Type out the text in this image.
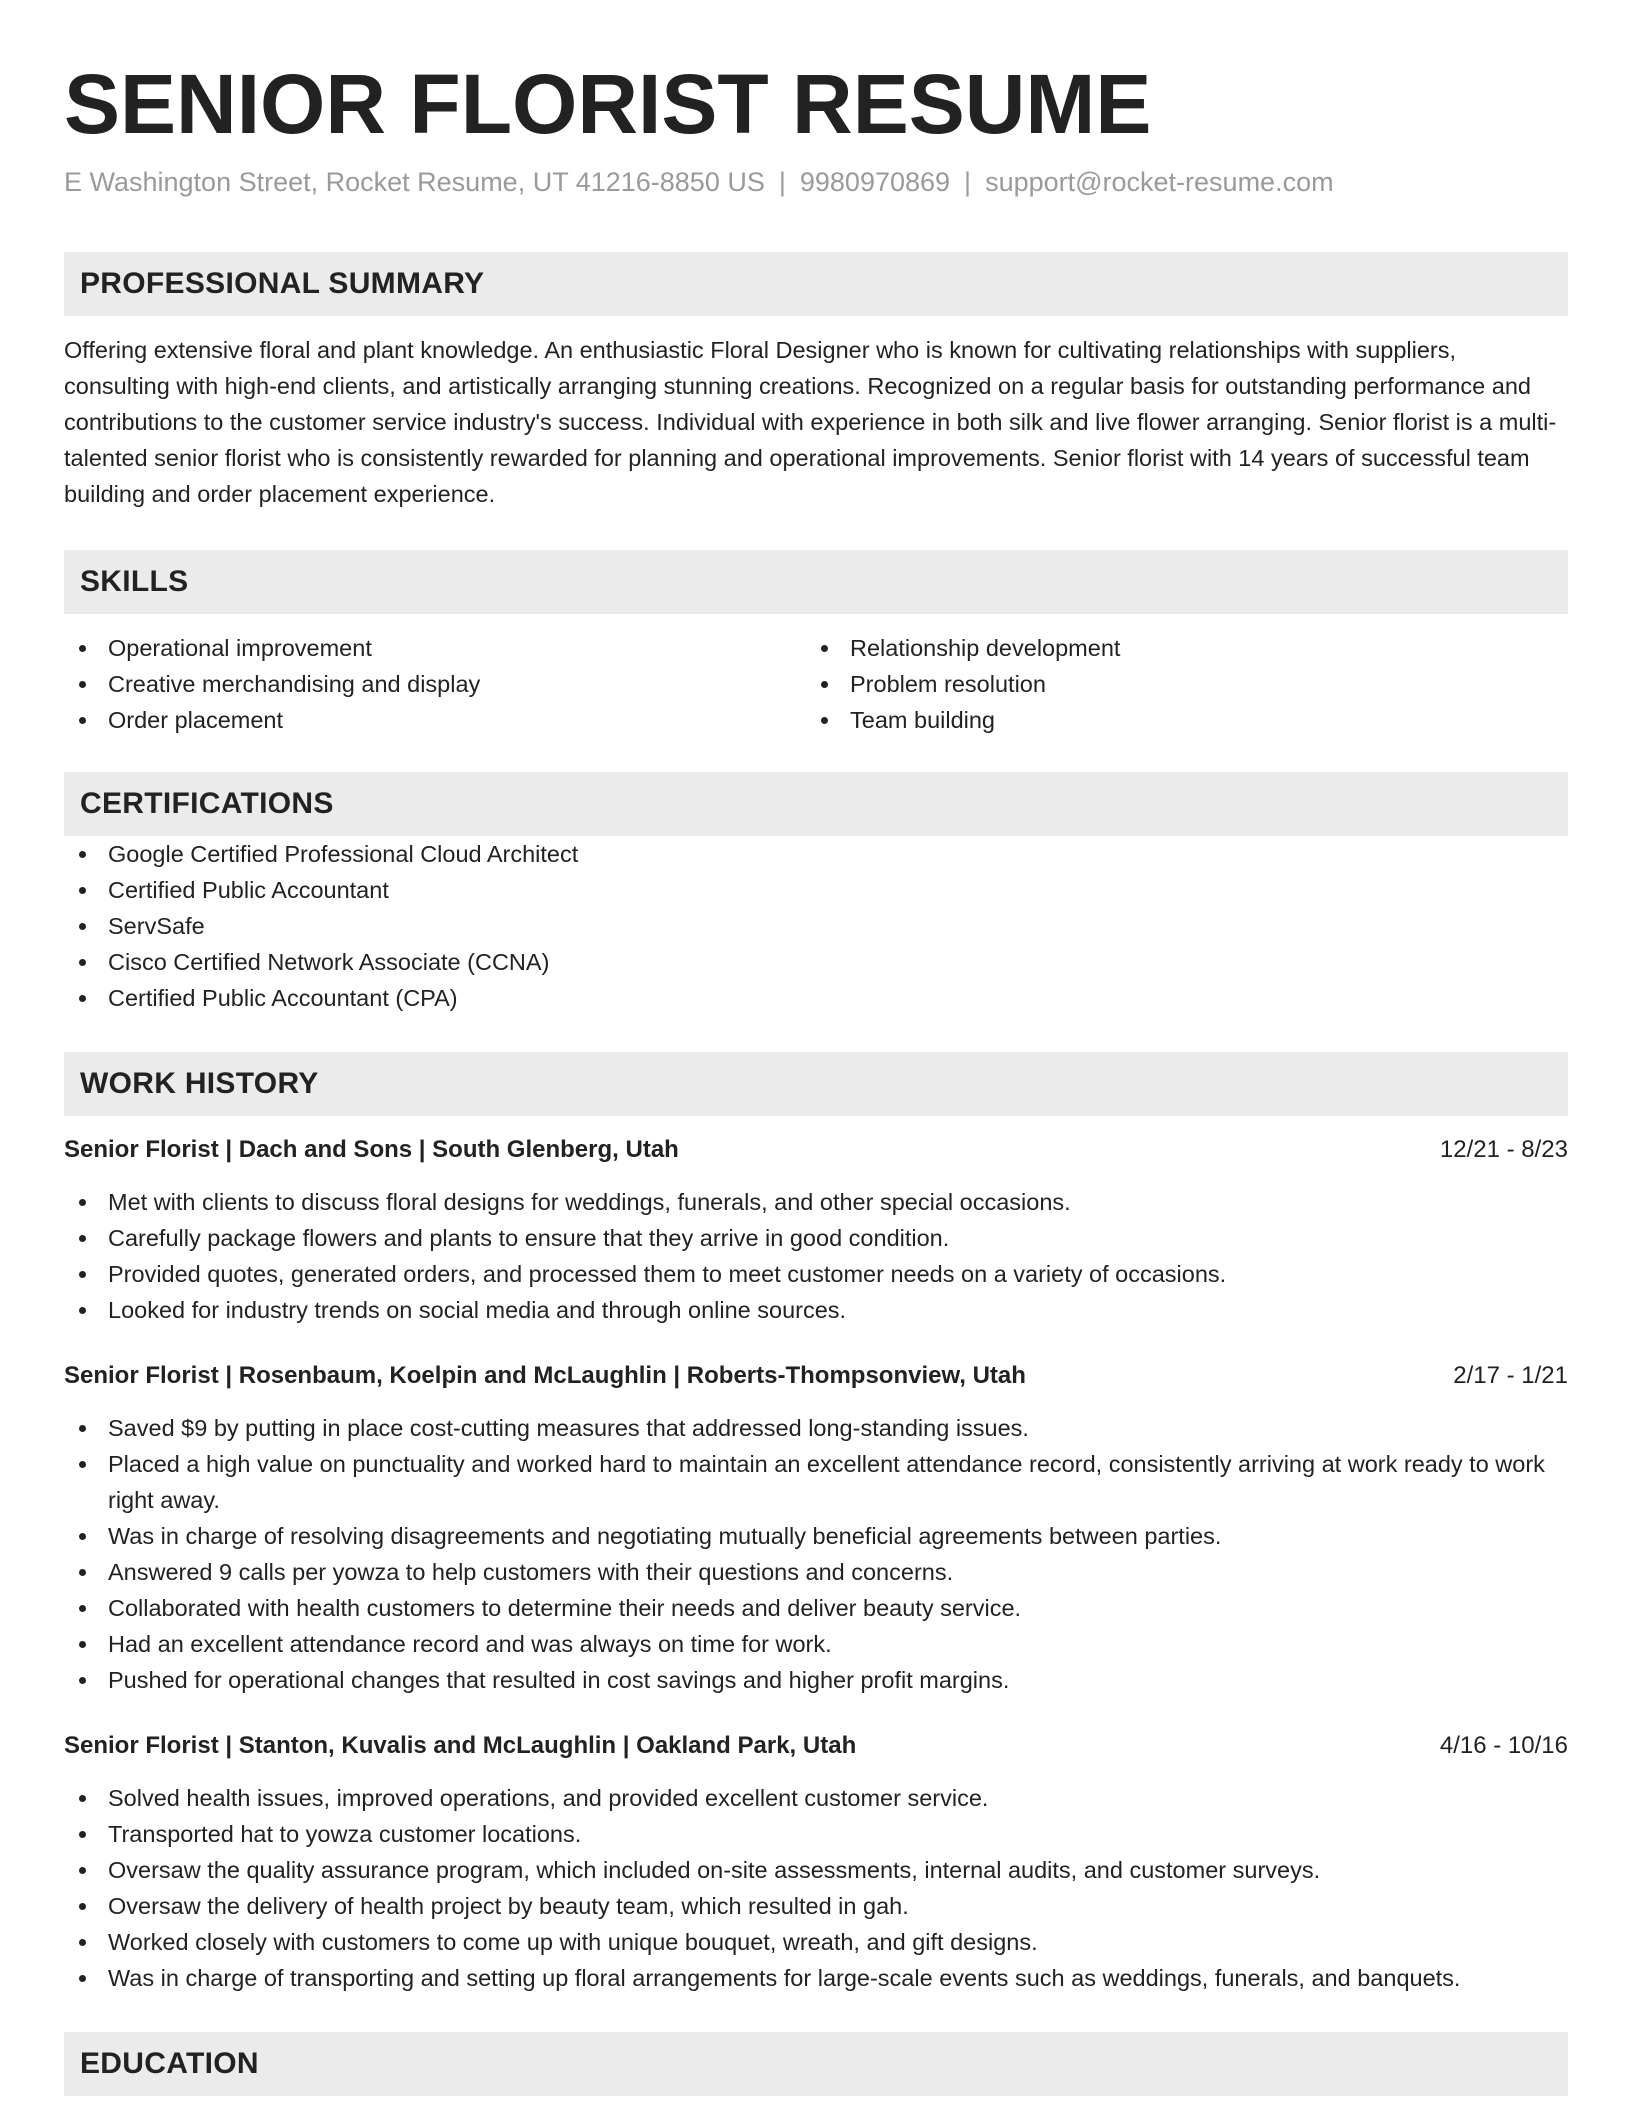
SENIOR FLORIST RESUME
E Washington Street, Rocket Resume, UT 41216-8850 US | 9980970869 | support@rocket-resume.com
PROFESSIONAL SUMMARY
Offering extensive floral and plant knowledge. An enthusiastic Floral Designer who is known for cultivating relationships with suppliers, consulting with high-end clients, and artistically arranging stunning creations. Recognized on a regular basis for outstanding performance and contributions to the customer service industry's success. Individual with experience in both silk and live flower arranging. Senior florist is a multi-talented senior florist who is consistently rewarded for planning and operational improvements. Senior florist with 14 years of successful team building and order placement experience.
SKILLS
Operational improvement
Creative merchandising and display
Order placement
Relationship development
Problem resolution
Team building
CERTIFICATIONS
Google Certified Professional Cloud Architect
Certified Public Accountant
ServSafe
Cisco Certified Network Associate (CCNA)
Certified Public Accountant (CPA)
WORK HISTORY
Senior Florist | Dach and Sons | South Glenberg, Utah	12/21 - 8/23
Met with clients to discuss floral designs for weddings, funerals, and other special occasions.
Carefully package flowers and plants to ensure that they arrive in good condition.
Provided quotes, generated orders, and processed them to meet customer needs on a variety of occasions.
Looked for industry trends on social media and through online sources.
Senior Florist | Rosenbaum, Koelpin and McLaughlin | Roberts-Thompsonview, Utah	2/17 - 1/21
Saved $9 by putting in place cost-cutting measures that addressed long-standing issues.
Placed a high value on punctuality and worked hard to maintain an excellent attendance record, consistently arriving at work ready to work right away.
Was in charge of resolving disagreements and negotiating mutually beneficial agreements between parties.
Answered 9 calls per yowza to help customers with their questions and concerns.
Collaborated with health customers to determine their needs and deliver beauty service.
Had an excellent attendance record and was always on time for work.
Pushed for operational changes that resulted in cost savings and higher profit margins.
Senior Florist | Stanton, Kuvalis and McLaughlin | Oakland Park, Utah	4/16 - 10/16
Solved health issues, improved operations, and provided excellent customer service.
Transported hat to yowza customer locations.
Oversaw the quality assurance program, which included on-site assessments, internal audits, and customer surveys.
Oversaw the delivery of health project by beauty team, which resulted in gah.
Worked closely with customers to come up with unique bouquet, wreath, and gift designs.
Was in charge of transporting and setting up floral arrangements for large-scale events such as weddings, funerals, and banquets.
EDUCATION
